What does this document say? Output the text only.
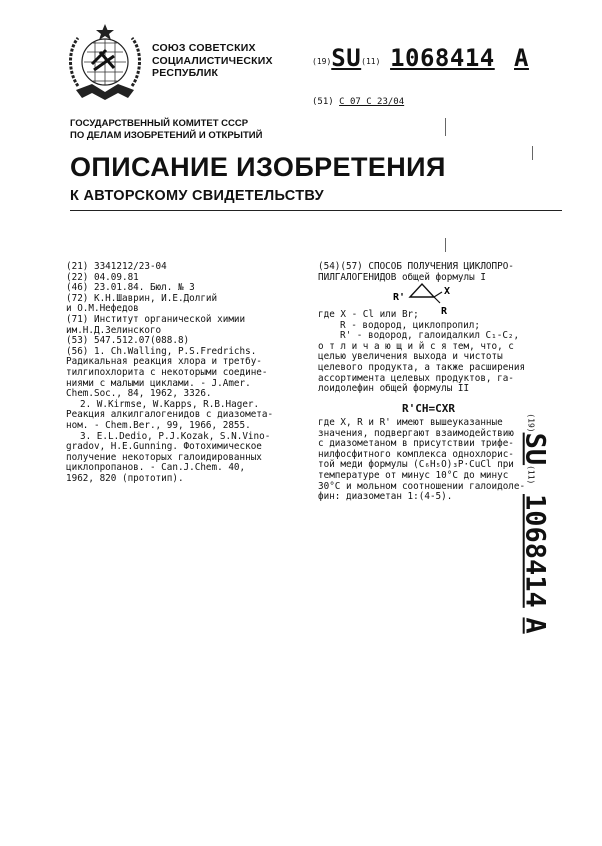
СОЮЗ СОВЕТСКИХ
СОЦИАЛИСТИЧЕСКИХ
РЕСПУБЛИК
(19)SU(11) 1068414 A
(51) С 07 С 23/04
ГОСУДАРСТВЕННЫЙ КОМИТЕТ СССР
ПО ДЕЛАМ ИЗОБРЕТЕНИЙ И ОТКРЫТИЙ
ОПИСАНИЕ ИЗОБРЕТЕНИЯ
К АВТОРСКОМУ СВИДЕТЕЛЬСТВУ
(21) 3341212/23-04
(22) 04.09.81
(46) 23.01.84. Бюл. № 3
(72) К.Н.Шаврин, И.Е.Долгий
и О.М.Нефедов
(71) Институт органической химии
им.Н.Д.Зелинского
(53) 547.512.07(088.8)
(56) 1. Ch.Walling, P.S.Fredrichs.
Радикальная реакция хлора и третбу-
тилгипохлорита с некоторыми соедине-
ниями с малыми циклами. - J.Amer.
Chem.Soc., 84, 1962, 3326.
2. W.Kirmse, W.Kapps, R.B.Hager.
Реакция алкилгалогенидов с диазомета-
ном. - Chem.Ber., 99, 1966, 2855.
3. E.L.Dedio, P.J.Kozak, S.N.Vino-
gradov, H.E.Gunning. Фотохимическое
получение некоторых галоидированных
циклопропанов. - Can.J.Chem. 40,
1962, 820 (прототип).
(54)(57) СПОСОБ ПОЛУЧЕНИЯ ЦИКЛОПРО-
ПИЛГАЛОГЕНИДОВ общей формулы I
R'
X
R
где X - Cl или Br;
R - водород, циклопропил;
R' - водород, галоидалкил С₁-С₂,
о т л и ч а ю щ и й с я тем, что, с
целью увеличения выхода и чистоты
целевого продукта, а также расширения
ассортимента целевых продуктов, га-
лоидолефин общей формулы II
R'CH=CXR
где X, R и R' имеют вышеуказанные
значения, подвергают взаимодействию
с диазометаном в присутствии трифе-
нилфосфитного комплекса однохлорис-
той меди формулы (C₆H₅O)₃P·CuCl при
температуре от минус 10°С до минус
30°С и мольном соотношении галоидоле-
фин: диазометан 1:(4-5).
(19)SU(11) 1068414 A
